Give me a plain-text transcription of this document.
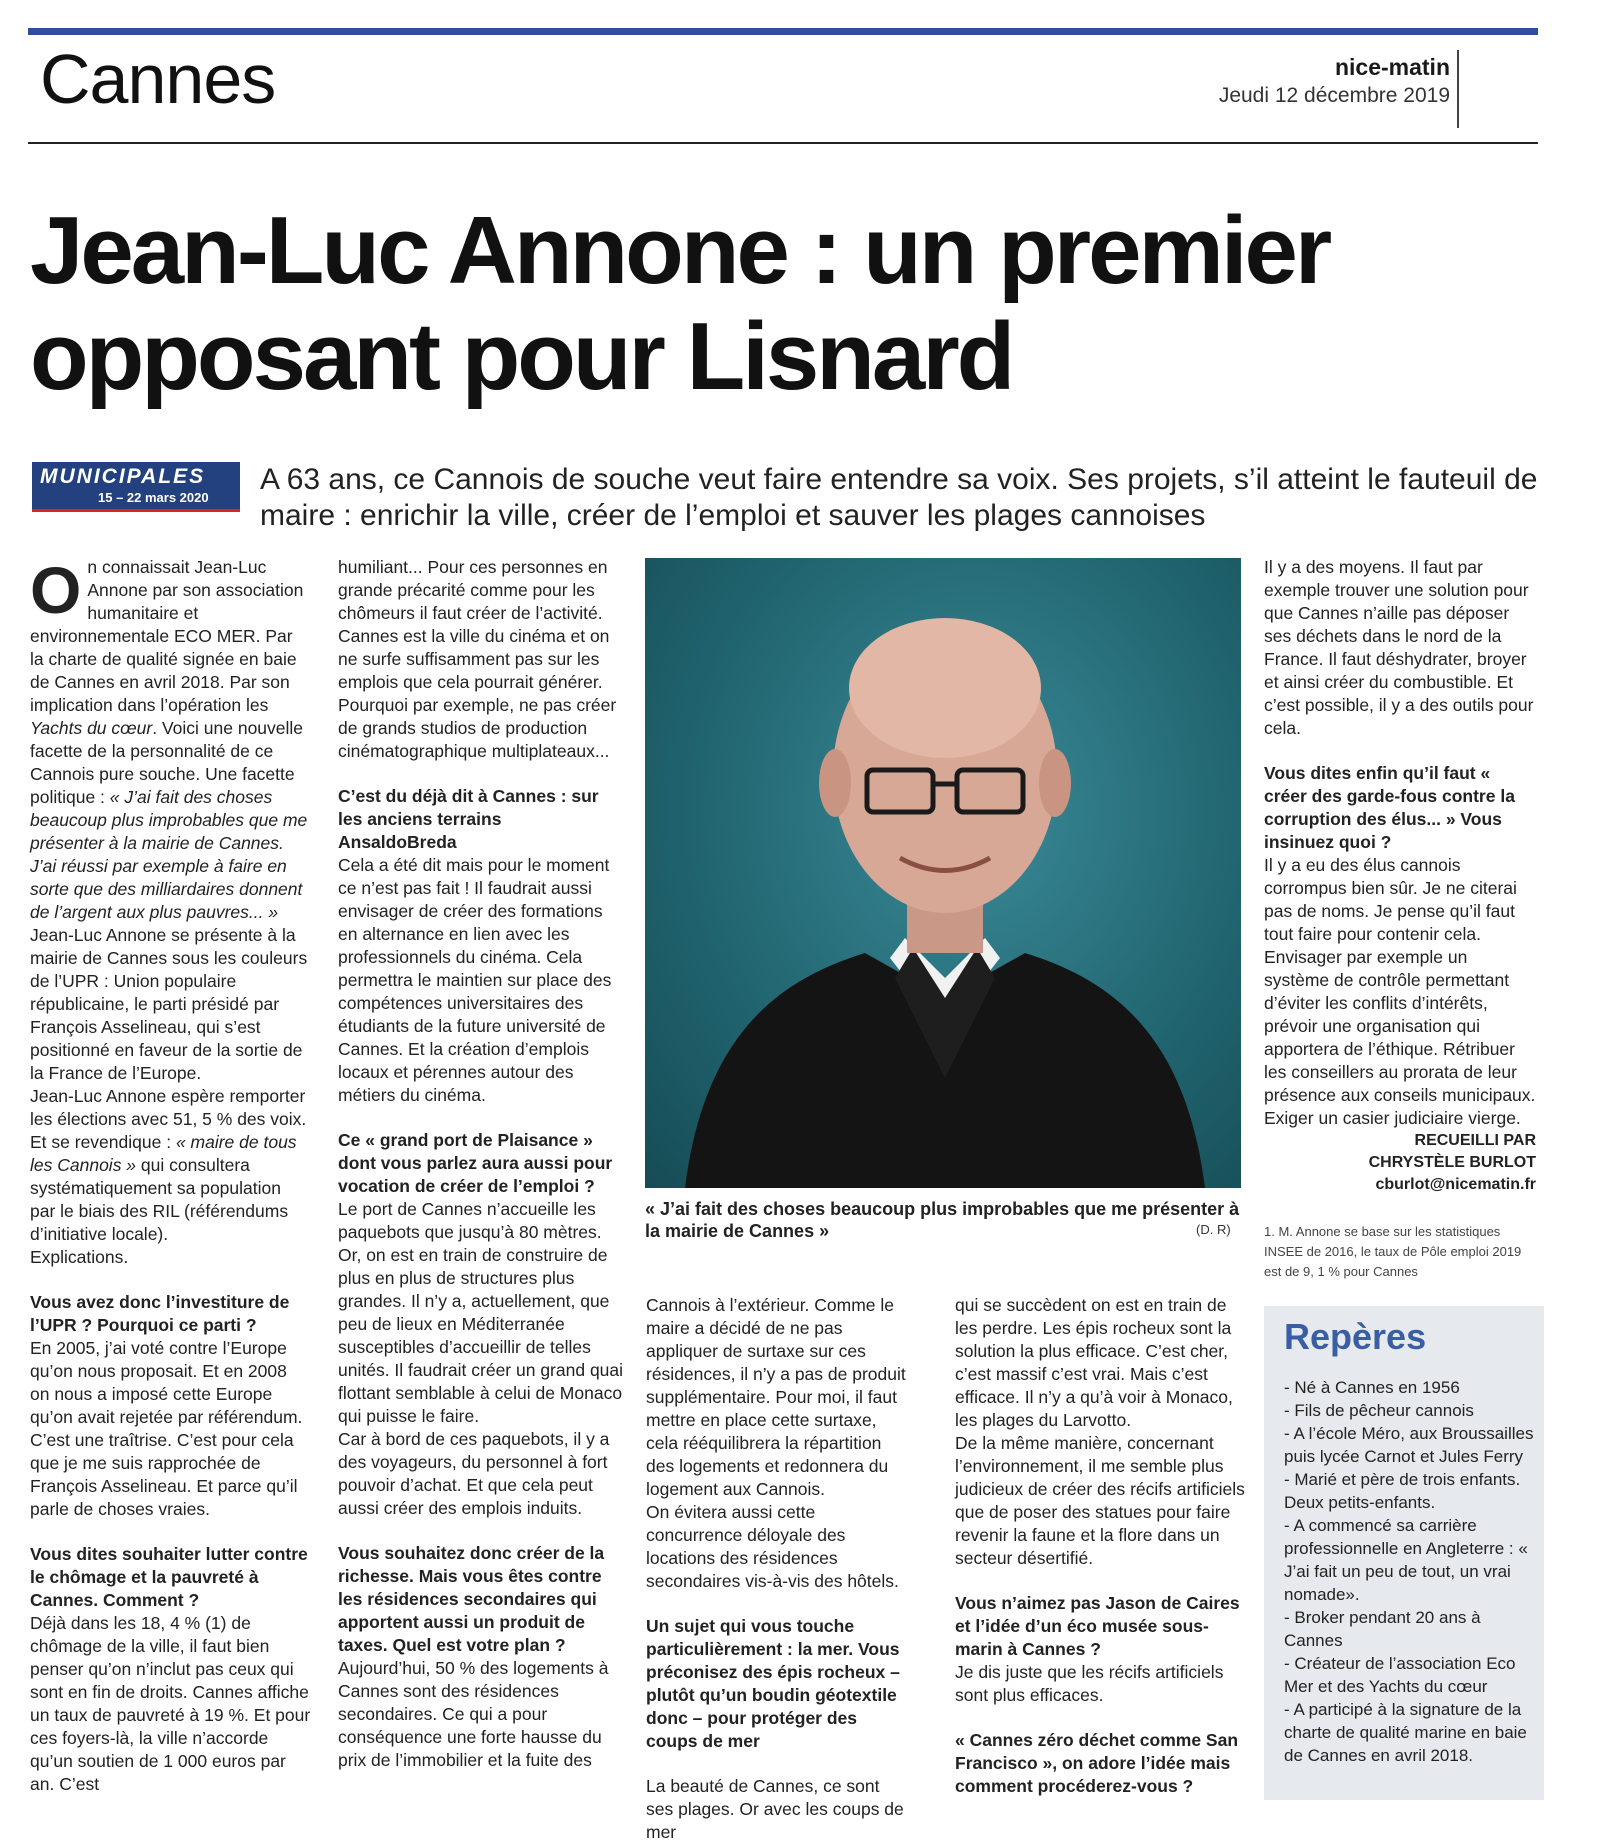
Cannes	nice-matin
Jeudi 12 décembre 2019
Jean-Luc Annone : un premier opposant pour Lisnard
MUNICIPALES
15 – 22 mars 2020
A 63 ans, ce Cannois de souche veut faire entendre sa voix. Ses projets, s’il atteint le fauteuil de maire : enrichir la ville, créer de l’emploi et sauver les plages cannoises

On connaissait Jean-Luc Annone par son association humanitaire et environnementale ECO MER. Par la charte de qualité signée en baie de Cannes en avril 2018. Par son implication dans l’opération les Yachts du cœur. Voici une nouvelle facette de la personnalité de ce Cannois pure souche. Une facette politique : « J’ai fait des choses beaucoup plus improbables que me présenter à la mairie de Cannes. J’ai réussi par exemple à faire en sorte que des milliardaires donnent de l’argent aux plus pauvres... »

Jean-Luc Annone se présente à la mairie de Cannes sous les couleurs de l’UPR : Union populaire républicaine, le parti présidé par François Asselineau, qui s’est positionné en faveur de la sortie de la France de l’Europe.

Jean-Luc Annone espère remporter les élections avec 51, 5 % des voix. Et se revendique : « maire de tous les Cannois » qui consultera systématiquement sa population par le biais des RIL (référendums d’initiative locale).

Explications.

Vous avez donc l’investiture de l’UPR ? Pourquoi ce parti ?

En 2005, j’ai voté contre l’Europe qu’on nous proposait. Et en 2008 on nous a imposé cette Europe qu’on avait rejetée par référendum. C’est une traîtrise. C’est pour cela que je me suis rapprochée de François Asselineau. Et parce qu’il parle de choses vraies.

Vous dites souhaiter lutter contre le chômage et la pauvreté à Cannes. Comment ?

Déjà dans les 18, 4 % (1) de chômage de la ville, il faut bien penser qu’on n’inclut pas ceux qui sont en fin de droits. Cannes affiche un taux de pauvreté à 19 %. Et pour ces foyers-là, la ville n’accorde qu’un soutien de 1 000 euros par an. C’est

humiliant... Pour ces personnes en grande précarité comme pour les chômeurs il faut créer de l’activité. Cannes est la ville du cinéma et on ne surfe suffisamment pas sur les emplois que cela pourrait générer. Pourquoi par exemple, ne pas créer de grands studios de production cinématographique multiplateaux...

C’est du déjà dit à Cannes : sur les anciens terrains AnsaldoBreda

Cela a été dit mais pour le moment ce n’est pas fait ! Il faudrait aussi envisager de créer des formations en alternance en lien avec les professionnels du cinéma. Cela permettra le maintien sur place des compétences universitaires des étudiants de la future université de Cannes. Et la création d’emplois locaux et pérennes autour des métiers du cinéma.

Ce « grand port de Plaisance » dont vous parlez aura aussi pour vocation de créer de l’emploi ?

Le port de Cannes n’accueille les paquebots que jusqu’à 80 mètres. Or, on est en train de construire de plus en plus de structures plus grandes. Il n’y a, actuellement, que peu de lieux en Méditerranée susceptibles d’accueillir de telles unités. Il faudrait créer un grand quai flottant semblable à celui de Monaco qui puisse le faire.

Car à bord de ces paquebots, il y a des voyageurs, du personnel à fort pouvoir d’achat. Et que cela peut aussi créer des emplois induits.

Vous souhaitez donc créer de la richesse. Mais vous êtes contre les résidences secondaires qui apportent aussi un produit de taxes. Quel est votre plan ?

Aujourd’hui, 50 % des logements à Cannes sont des résidences secondaires. Ce qui a pour conséquence une forte hausse du prix de l’immobilier et la fuite des

« J’ai fait des choses beaucoup plus improbables que me présenter à la mairie de Cannes »	(D. R)

Cannois à l’extérieur. Comme le maire a décidé de ne pas appliquer de surtaxe sur ces résidences, il n’y a pas de produit supplémentaire. Pour moi, il faut mettre en place cette surtaxe, cela rééquilibrera la répartition des logements et redonnera du logement aux Cannois.

On évitera aussi cette concurrence déloyale des locations des résidences secondaires vis-à-vis des hôtels.

Un sujet qui vous touche particulièrement : la mer. Vous préconisez des épis rocheux – plutôt qu’un boudin géotextile donc – pour protéger des coups de mer

La beauté de Cannes, ce sont ses plages. Or avec les coups de mer

qui se succèdent on est en train de les perdre. Les épis rocheux sont la solution la plus efficace. C’est cher, c’est massif c’est vrai. Mais c’est efficace. Il n’y a qu’à voir à Monaco, les plages du Larvotto.

De la même manière, concernant l’environnement, il me semble plus judicieux de créer des récifs artificiels que de poser des statues pour faire revenir la faune et la flore dans un secteur désertifié.

Vous n’aimez pas Jason de Caires et l’idée d’un éco musée sous-marin à Cannes ?

Je dis juste que les récifs artificiels sont plus efficaces.

« Cannes zéro déchet comme San Francisco », on adore l’idée mais comment procéderez-vous ?

Il y a des moyens. Il faut par exemple trouver une solution pour que Cannes n’aille pas déposer ses déchets dans le nord de la France. Il faut déshydrater, broyer et ainsi créer du combustible. Et c’est possible, il y a des outils pour cela.

Vous dites enfin qu’il faut « créer des garde-fous contre la corruption des élus... » Vous insinuez quoi ?

Il y a eu des élus cannois corrompus bien sûr. Je ne citerai pas de noms. Je pense qu’il faut tout faire pour contenir cela. Envisager par exemple un système de contrôle permettant d’éviter les conflits d’intérêts, prévoir une organisation qui apportera de l’éthique. Rétribuer les conseillers au prorata de leur présence aux conseils municipaux. Exiger un casier judiciaire vierge.

RECUEILLI PAR
CHRYSTÈLE BURLOT
cburlot@nicematin.fr
1. M. Annone se base sur les statistiques INSEE de 2016, le taux de Pôle emploi 2019 est de 9, 1 % pour Cannes
Repères
- Né à Cannes en 1956
- Fils de pêcheur cannois
- A l’école Méro, aux Broussailles puis lycée Carnot et Jules Ferry
- Marié et père de trois enfants. Deux petits-enfants.
- A commencé sa carrière professionnelle en Angleterre : « J’ai fait un peu de tout, un vrai nomade».
- Broker pendant 20 ans à Cannes
- Créateur de l’association Eco Mer et des Yachts du cœur
- A participé à la signature de la charte de qualité marine en baie de Cannes en avril 2018.
